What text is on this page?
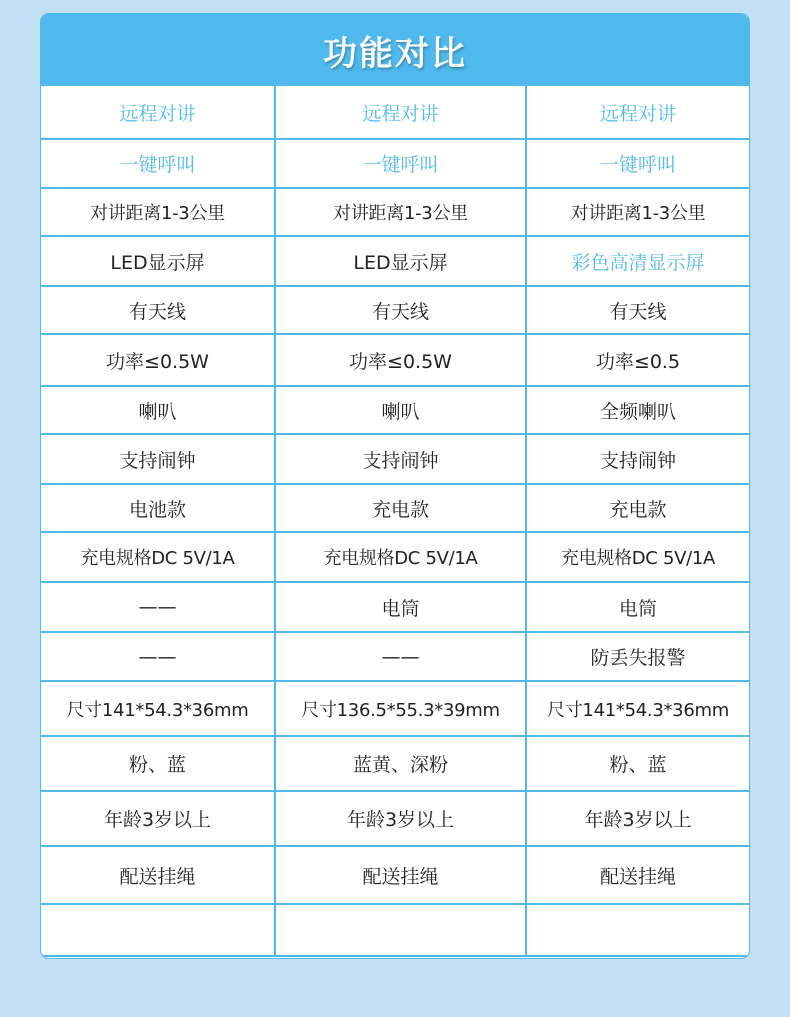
功能对比
远程对讲	远程对讲	远程对讲
一键呼叫	一键呼叫	一键呼叫
对讲距离1-3公里	对讲距离1-3公里	对讲距离1-3公里
LED显示屏	LED显示屏	彩色高清显示屏
有天线	有天线	有天线
功率≤0.5W	功率≤0.5W	功率≤0.5
喇叭	喇叭	全频喇叭
支持闹钟	支持闹钟	支持闹钟
电池款	充电款	充电款
充电规格DC 5V/1A	充电规格DC 5V/1A	充电规格DC 5V/1A
——	电筒	电筒
——	——	防丢失报警
尺寸141*54.3*36mm	尺寸136.5*55.3*39mm	尺寸141*54.3*36mm
粉、蓝	蓝黄、深粉	粉、蓝
年龄3岁以上	年龄3岁以上	年龄3岁以上
配送挂绳	配送挂绳	配送挂绳
